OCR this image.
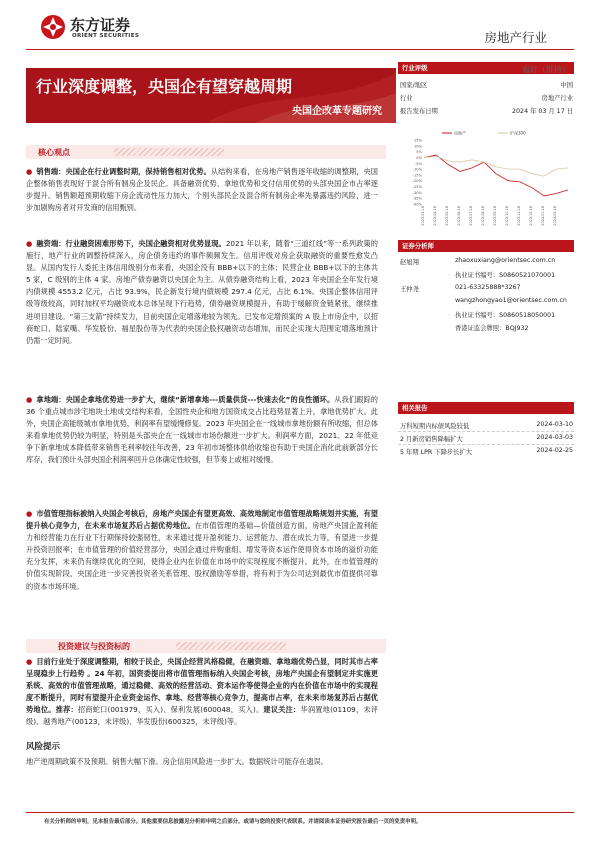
东方证券
ORIENT SECURITIES	房地产行业
行业深度调整，央国企有望穿越周期
央国企改革专题研究
行业评级	看好（维持）
国家/地区	中国
行业	房地产行业
报告发布日期	2024 年 03 月 17 日
15%
10%
5%
0%
-5%
-10%
-15%
-20%
-25%
-30%
-35%
-40%
2023-03-16 2023-04-16 2023-05-16 2023-06-16 2023-07-16 2023-08-16 2023-09-16 2023-10-16 2023-11-16 2023-12-16 2024-01-16 2024-02-16
房地产	沪深300
证券分析师
赵旭翔	zhaoxuxiang@orientsec.com.cn
执业证书编号：S0860521070001
王仲尧	021-63325888*3267
wangzhongyao1@orientsec.com.cn
执业证书编号：S0860518050001
香港证监会牌照：BQJ932
相关报告
万科短期内标债风险较低	2024-03-10
2 月新房销售降幅扩大	2024-03-03
5 年期 LPR 下降步长扩大	2024-02-25
核心观点
● 销售端：央国企在行业调整时期，保持销售相对优势。从结构来看，在房地产销售逐年收缩的调整期，央国企整体销售表现好于混合所有制房企及民企。具备融资优势、拿地优势和交付信用优势的头部央国企市占率逐步提升。销售额超预期收缩下房企流动性压力加大，个别头部民企及混合所有制房企率先暴露违约风险，进一步加剧购房者对开发商的信用甄别。
● 融资端：行业融资困难形势下，央国企融资相对优势显现。2021 年以来，随着“三道红线”等一系列政策的施行，地产行业的调整持续深入，房企债务违约的事件频频发生。信用评级对房企获取融资的重要性愈发凸显。从国内发行人委托主体信用级别分布来看，央国企没有 BBB+以下的主体；民营企业 BBB+以下的主体共 5 家，C 级别的主体 4 家。房地产债券融资以央国企为主。从债券融资结构上看，2023 年央国企全年发行境内债规模 4553.2 亿元，占比 93.9%，民企新发行境内债规模 297.4 亿元，占比 6.1%。央国企整体信用评级等级较高，同时加权平均融资成本总体呈现下行趋势，债券融资规模提升，有助于缓解资金链紧张，继续推进项目建设。“第三支箭”持续发力，目前央国企定增落地较为领先。已发布定增预案的 A 股上市房企中，以招商蛇口、陆家嘴、华发股份、福星股份等为代表的央国企股权融资动态增加，而民企实现大范围定增落地预计仍需一定时间。
● 拿地端：央国企拿地优势进一步扩大，继续“新增拿地---质量供货---快速去化”的良性循环。从我们跟踪的 36 个重点城市涉宅地块土地成交结构来看，全国性央企和地方国资成交占比趋势显著上升，拿地优势扩大。此外，央国企高能级城市拿地优势，利润率有望缓慢修复。2023 年央国企在一线城市拿地份额有所收缩，但总体来看拿地优势仍较为明显，特别是头部央企在一线城市市场份额进一步扩大。利润率方面，2021、22 年低竞争下新拿地成本降低带来销售毛利率较往年改善，23 年初市场整体供给收缩也有助于央国企消化此前新部分长库存，我们预计头部央国企利润率回升总体确定性较强，但节奏上或相对缓慢。
● 市值管理指标被纳入央国企考核后，房地产央国企有望更高效、高效地制定市值管理战略规划并实施，有望提升核心竞争力，在未来市场复苏后占据优势地位。在市值管理的基础—价值创造方面，房地产央国企盈利能力和经营能力在行业下行期保持较强韧性，未来通过提升盈利能力、运营能力、潜在成长力等，有望进一步提升投资回报率；在市值管理的价值经营部分，央国企通过并购重组、增发等资本运作使得资本市场的溢价功能充分发挥，未来仍有继续优化的空间，使得企业内在价值在市场中的实现程度不断提升。此外，在市值管理的价值实现阶段，央国企进一步完善投资者关系管理、股权激励等举措，将有利于为公司达到最优市值提供可靠的资本市场环境。
投资建议与投资标的
● 目前行业处于深度调整期，相较于民企，央国企经营风格稳健，在融资端、拿地端优势凸显，同时其市占率呈现稳步上行趋势 。24 年初，国资委提出将市值管理指标纳入央国企考核，房地产央国企有望制定并实施更系统、高效的市值管理战略，通过稳健、高效的经营活动、资本运作等使得企业的内在价值在市场中的实现程度不断提升，同时有望提升企业资金运作、拿地、经营等核心竞争力，提高市占率，在未来市场复苏后占据优势地位。推荐：招商蛇口(001979，买入)、保利发展(600048，买入)。建议关注：华润置地(01109，未评级)、越秀地产(00123，未评级)、华发股份(600325，未评级)等。
风险提示
地产逆周期政策不及预期。销售大幅下滑。房企信用风险进一步扩大。数据统计可能存在遗误。
有关分析师的申明，见本报告最后部分。其他重要信息披露见分析师申明之后部分，或请与您的投资代表联系。并请阅读本证券研究报告最后一页的免责申明。
